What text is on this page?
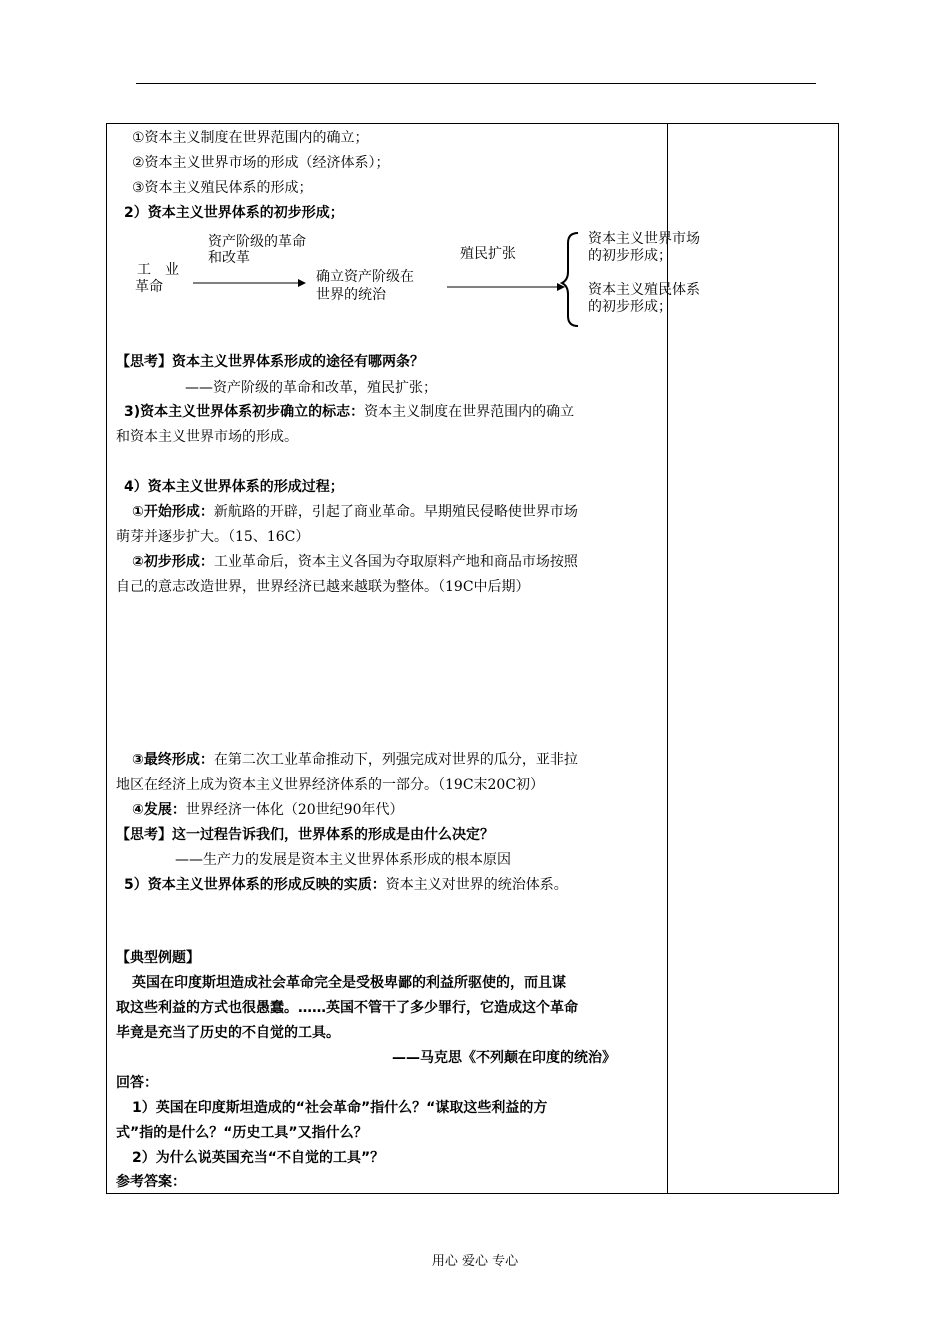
①资本主义制度在世界范围内的确立；
②资本主义世界市场的形成（经济体系）；
③资本主义殖民体系的形成；
2）资本主义世界体系的初步形成；
工　业
革命
资产阶级的革命
和改革
确立资产阶级在
世界的统治
殖民扩张
资本主义世界市场
的初步形成；
资本主义殖民体系
的初步形成；
【思考】资本主义世界体系形成的途径有哪两条？
——资产阶级的革命和改革，殖民扩张；
3)资本主义世界体系初步确立的标志：资本主义制度在世界范围内的确立
和资本主义世界市场的形成。
4）资本主义世界体系的形成过程；
①开始形成：新航路的开辟，引起了商业革命。早期殖民侵略使世界市场
萌芽并逐步扩大。（15、16C）
②初步形成：工业革命后，资本主义各国为夺取原料产地和商品市场按照
自己的意志改造世界，世界经济已越来越联为整体。（19C中后期）
③最终形成：在第二次工业革命推动下，列强完成对世界的瓜分，亚非拉
地区在经济上成为资本主义世界经济体系的一部分。（19C末20C初）
④发展：世界经济一体化（20世纪90年代）
【思考】这一过程告诉我们，世界体系的形成是由什么决定？
——生产力的发展是资本主义世界体系形成的根本原因
5）资本主义世界体系的形成反映的实质：资本主义对世界的统治体系。
【典型例题】
英国在印度斯坦造成社会革命完全是受极卑鄙的利益所驱使的，而且谋
取这些利益的方式也很愚蠢。……英国不管干了多少罪行，它造成这个革命
毕竟是充当了历史的不自觉的工具。
——马克思《不列颠在印度的统治》
回答：
1）英国在印度斯坦造成的“社会革命”指什么？“谋取这些利益的方
式”指的是什么？“历史工具”又指什么？
2）为什么说英国充当“不自觉的工具”？
参考答案：
用心 爱心 专心
